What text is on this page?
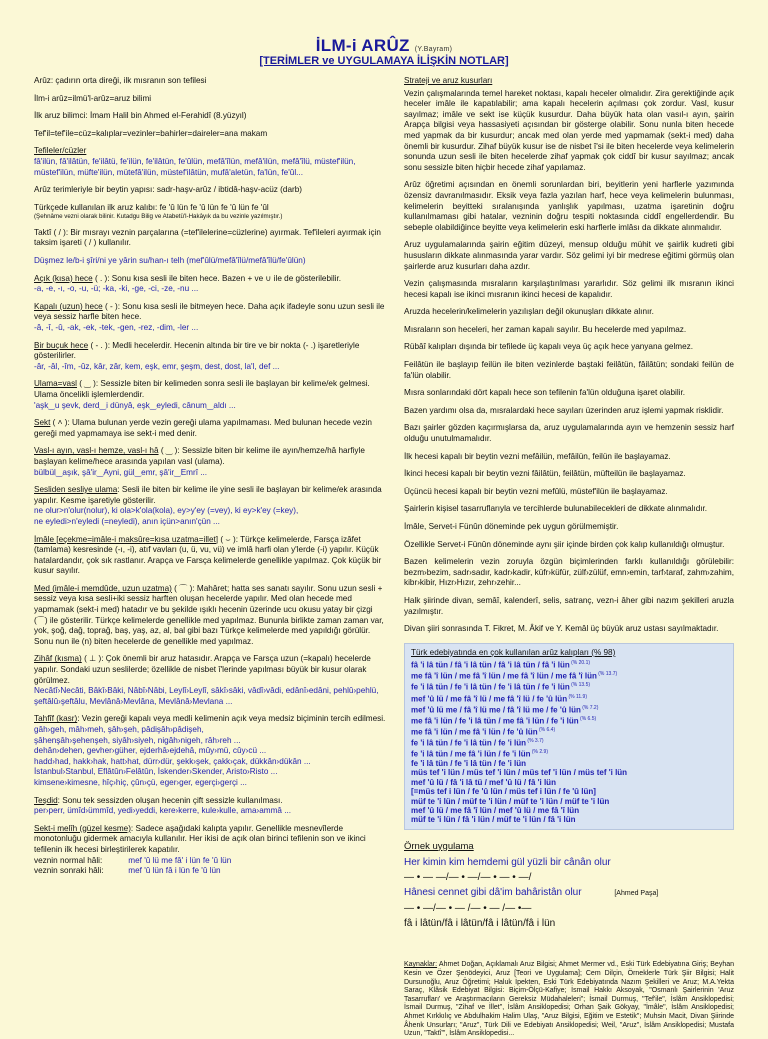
İLM-i ARÛZ (Y.Bayram)
[TERİMLER ve UYGULAMAYA İLİŞKİN NOTLAR]
Arûz: çadırın orta direği, ilk mısranın son tefilesi
İlm-i arûz=ilmü'l-arûz=aruz bilimi
İlk aruz bilimci: İmam Halil bin Ahmed el-Ferahidî (8.yüzyıl)
Tef'il=tef'ile=cüz=kalıplar=vezinler=bahirler=daireler=ana makam
Tefileler/cüzler
fâ'ilün, fâ'ilâtün, fe'ilâtü, fe'ilün, fe'ilâtün, fe'ûlün, mefâ'îlün, mefâ'ilün, mefâ'îlü, müstef'ilün, müstef'ilün, müfte'ilün, mütefâ'ilün, müstef'ilâtün, mufâ'aletün, fa'lün, fe'ûl...
Arûz terimleriyle bir beytin yapısı: sadr-haşv-arûz / ibtidâ-haşv-acüz (darb)
Türkçede kullanılan ilk aruz kalıbı: fe 'û lün fe 'û lün fe 'û lün fe 'ûl
(Şehnâme vezni olarak bilinir. Kutadgu Bilig ve Atabetü'l-Hakâyık da bu vezinle yazılmıştır.)
Taktî ( / ): Bir mısrayı veznin parçalarına (=tef'ilelerine=cüzlerine) ayırmak. Tef'ileleri ayırmak için taksim işareti ( / ) kullanılır.
Düşmez le/b-i şîri/ni ye yârin su/han-ı telh (mef'ûlü/mefâ'îlü/mefâ'îlü/fe'ûlün)
Açık (kısa) hece ( . ): Sonu kısa sesli ile biten hece. Bazen + ve ∪ ile de gösterilebilir.
-a, -e, -ı, -o, -u, -ü; -ka, -ki, -ge, -ci, -ze, -nu ...
Kapalı (uzun) hece ( - ): Sonu kısa sesli ile bitmeyen hece. Daha açık ifadeyle sonu uzun sesli ile veya sessiz harfle biten hece.
-â, -î, -û, -ak, -ek, -tek, -gen, -rez, -dim, -ler ...
Bir buçuk hece ( - . ): Medli hecelerdir. Hecenin altında bir tire ve bir nokta (- .) işaretleriyle gösterilirler.
-âr, -âl, -îm, -ûz, kâr, zâr, kem, eşk, emr, şeşm, dest, dost, la'l, def ...
Ulama=vasl ( ‿ ): Sessizle biten bir kelimeden sonra sesli ile başlayan bir kelime/ek gelmesi. Ulama öncelikli işlemlerdendir.
'aşk‿u şevk, derd‿i dünyâ, eşk‿eyledi, cânum‿aldı ...
Sekt ( ˄ ): Ulama bulunan yerde vezin gereği ulama yapılmaması. Med bulunan hecede vezin gereği med yapmamaya ise sekt-i med denir.
Vasl-ı ayın, vasl-ı hemze, vasl-ı hâ ( ‿ ): Sessizle biten bir kelime ile ayın/hemze/hâ harfiyle başlayan kelime/hece arasında yapılan vasl (ulama).
bülbül‿aşık, şâ'ir‿Ayni, gül‿emr, şâ'ir‿Emrî ...
Sesliden sesliye ulama: Sesli ile biten bir kelime ile yine sesli ile başlayan bir kelime/ek arasında yapılır. Kesme işaretiyle gösterilir.
ne olur>n'olur(nolur), ki ola>k'ola(kola), ey>y'ey (=vey), ki ey>k'ey (=key),
ne eyledi>n'eyledi (=neyledi), anın içün>anın'çün ...
İmâle [eçekme=imâle-i maksûre=kısa uzatma=illet] ( ⌣ ): Türkçe kelimelerde, Farsça izâfet (tamlama) kesresinde (-ı, -i), atıf vavları (u, ü, vu, vü) ve imlâ harfi olan y'lerde (-i) yapılır. Küçük hatalardandır, çok sık rastlanır. Arapça ve Farsça kelimelerde genellikle yapılmaz. Çok küçük bir kusur sayılır.
Med (imâle-i memdûde, uzun uzatma) ( ⌒ ): Mahâret; hatta ses sanatı sayılır. Sonu uzun sesli + sessiz veya kısa sesli+iki sessiz harften oluşan hecelerde yapılır. Med olan hecede med yapmamak (sekt-i med) hatadır ve bu şekilde ışıklı hecenin üzerinde ucu okusu yatay bir çizgi (⌒) ile gösterilir. Türkçe kelimelerde genellikle med yapılmaz. Bununla birlikte zaman zaman var, yok, şoğ, dağ, toprağ, baş, yaş, az, al, bal gibi bazı Türkçe kelimelerde med yapıldığı görülür. Sonu nun ile (n) biten hecelerde de genellikle med yapılmaz.
Zihâf (kısma) ( ⊥ ): Çok önemli bir aruz hatasıdır. Arapça ve Farsça uzun (=kapalı) hecelerde yapılır. Sondaki uzun seslilerde; özellikle de nisbet î'lerinde yapılması büyük bir kusur olarak görülmez.
Necâtî›Necâti, Bâkî›Bâki, Nâbî›Nâbi, Leylî›Leylî, sâkî›sâki, vâdî›vâdi, edânî›edâni, pehlû›pehlü, şeftâlû›şeftâlu, Mevlânâ›Mevlâna, Mevlânâ›Mevlana ...
Tahfîf (kasr): Vezin gereği kapalı veya medli kelimenin açık veya medsiz biçiminin tercih edilmesi.
gâh›geh, mâh›meh, şâh›şeh, pâdişâh›pâdişeh,
şâhenşâh›şehenşeh, siyâh›siyeh, nigâh›nigeh, râh›reh ...
dehân›dehen, gevher›güher, ejderhâ›ejdehâ, mûy›mü, cûy›cü ...
hadd›had, hakk›hak, hatt›hat, dürr›dür, şekk›şek, çakk›çak, dükkân›dükân ...
İstanbul›Stanbul, Eflâtûn›Felâtûn, İskender›Skender, Aristo›Risto ...
kimsene›kimesne, hîç›hiç, çûn›çü, eger›ger, egerçi›gerçi ...
Teşdid: Sonu tek sessizden oluşan hecenin çift sessizle kullanılması.
per›perr, ümîd›ümmîd, yedi›yeddi, kere›kerre, kule›kulle, ama›ammâ ...
Sekt-i melîh (güzel kesme): Sadece aşağıdaki kalıpta yapılır. Genellikle mesnevîlerde monotonluğu gidermek amacıyla kullanılır. Her ikisi de açık olan birinci tefilenin son ve ikinci tefilenin ilk hecesi birleştirilerek kapatılır.
veznin normal hâli:	mef 'û lü me fâ' i lün fe 'û lün
veznin sonraki hâli:	mef 'û lün fâ i lün fe 'û lün
Strateji ve aruz kusurları
Vezin çalışmalarında temel hareket noktası, kapalı heceler olmalıdır. Zira gerektiğinde açık heceler imâle ile kapatılabilir; ama kapalı hecelerin açılması çok zordur. Vasl, kusur sayılmaz; imâle ve sekt ise küçük kusurdur. Daha büyük hata olan vasıl-ı ayın, şairin Arapça bilgisi veya hassasiyeti açısından bir gösterge olabilir. Sonu nunla biten hecede med yapmak da bir kusurdur; ancak med olan yerde med yapmamak (sekt-i med) daha önemli bir kusurdur. Zihaf büyük kusur ise de nisbet î'si ile biten hecelerde veya kelimelerin sonunda uzun sesli ile biten hecelerde zihaf yapmak çok ciddî bir kusur sayılmaz; ancak sonu sessizle biten hiçbir hecede zihaf yapılamaz.
Arûz öğretimi açısından en önemli sorunlardan biri, beyitlerin yeni harflerle yazımında özensiz davranılmasıdır. Eksik veya fazla yazılan harf, hece veya kelimelerin bulunması, kelimelerin beyitteki sıralanışında yanlışlık yapılması, uzatma işaretinin doğru kullanılmaması gibi hatalar, vezninin doğru tespiti noktasında ciddî engellerdendir. Bu sebeple olabildiğince beyitte veya kelimelerin eski harflerle imlâsı da dikkate alınmalıdır.
Aruz uygulamalarında şairin eğitim düzeyi, mensup olduğu mühit ve şairlik kudreti gibi hususların dikkate alınmasında yarar vardır. Söz gelimi iyi bir medrese eğitimi görmüş olan şairlerde aruz kusurları daha azdır.
Vezin çalışmasında mısraların karşılaştırılması yararlıdır. Söz gelimi ilk mısranın ikinci hecesi kapalı ise ikinci mısranın ikinci hecesi de kapalıdır.
Aruzda hecelerin/kelimelerin yazılışları değil okunuşları dikkate alınır.
Mısraların son heceleri, her zaman kapalı sayılır. Bu hecelerde med yapılmaz.
Rübâî kalıpları dışında bir tefilede üç kapalı veya üç açık hece yanyana gelmez.
Feilâtün ile başlayıp feilün ile biten vezinlerde baştaki feilâtün, fâilâtün; sondaki feilün de fa'lün olabilir.
Mısra sonlarındaki dört kapalı hece son tefilenin fa'lün olduğuna işaret olabilir.
Bazen yardımı olsa da, mısralardaki hece sayıları üzerinden aruz işlemi yapmak risklidir.
Bazı şairler gözden kaçırmışlarsa da, aruz uygulamalarında ayın ve hemzenin sessiz harf olduğu unutulmamalıdır.
İlk hecesi kapalı bir beytin vezni mefâilün, mefâilün, feilün ile başlayamaz.
İkinci hecesi kapalı bir beytin vezni fâilâtün, feilâtün, müfteilün ile başlayamaz.
Üçüncü hecesi kapalı bir beytin vezni mefûlü, müstef'ilün ile başlayamaz.
Şairlerin kişisel tasarruflarıyla ve tercihlerde bulunabilecekleri de dikkate alınmalıdır.
İmâle, Servet-i Fünûn döneminde pek uygun görülmemiştir.
Özellikle Servet-i Fünûn döneminde aynı şiir içinde birden çok kalıp kullanıldığı olmuştur.
Bazen kelimelerin vezin zoruyla özgün biçimlerinden farklı kullanıldığı görülebilir: bezm›bezim, sadr›sadır, kadr›kadir, küfr›küfür, zülf›zülüf, emn›emin, tarf›taraf, zahm›zahim, kibr›kibir, Hızr›Hızır, zehr›zehir...
Halk şiirinde divan, semâî, kalenderî, selis, satranç, vezn-i âher gibi nazım şekilleri aruzla yazılmıştır.
Divan şiiri sonrasında T. Fikret, M. Âkif ve Y. Kemâl üç büyük aruz ustası sayılmaktadır.
Türk edebiyatında en çok kullanılan arûz kalıpları (% 98)
fâ 'i lâ tün / fâ 'i lâ tün / fâ 'i lâ tün / fâ 'i lün $^{(\% 20.1)}$
me fâ 'î lün / me fâ 'î lün / me fâ 'î lün / me fâ 'î lün $^{(\% 13.7)}$
fe 'i lâ tün / fe 'i lâ tün / fe 'i lâ tün / fe 'i lün $^{(\% 13.5)}$
mef 'û lü / me fâ 'î lü / me fâ 'î lü / fe 'û lün $^{(\% 11.9)}$
mef 'û lü me / fâ 'î lü me / fâ 'î lü me / fe 'û lün $^{(\% 7.2)}$
me fâ 'i lün / fe 'i lâ tün / me fâ 'i lün / fe 'i lün $^{(\% 6.5)}$
me fâ 'i lün / me fâ 'i lün / fe 'û lün $^{(\% 6.4)}$
fe 'i lâ tün / fe 'i lâ tün / fe 'i lün $^{(\% 3.7)}$
fe 'i lâ tün / me fâ 'i lün / fe 'i lün $^{(\% 2.9)}$
fe 'i lâ tün / fe 'i lâ tün / fe 'i lün
müs tef 'i lün / müs tef 'i lün / müs tef 'i lün / müs tef 'i lün
mef 'û lü / fâ 'i lâ tü / mef 'û lü / fâ 'i lün
[=müs tef i lün / fe 'û lün / müs tef i lün / fe 'û lün]
müf te 'i lün / müf te 'i lün / müf te 'i lün / müf te 'i lün
mef 'û lü / me fâ 'î lün / mef 'û lü / me fâ 'î lün
müf te 'i lün / fâ 'i lün / müf te 'i lün / fâ 'i lün
Örnek uygulama
Her kimin kim hemdemi gül yüzli bir cânân olur
— • — —/— • —/— • — • —/
Hânesi cennet gibi dâ'im bahâristân olur	[Ahmed Paşa]
— • —/— • — /— • — /— •—
fâ i lâtün/fâ i lâtün/fâ i lâtün/fâ i lün
Kaynaklar: Ahmet Doğan, Açıklamalı Aruz Bilgisi; Ahmet Mermer vd., Eski Türk Edebiyatına Giriş; Beyhan Kesin ve Özer Şenödeyici, Aruz [Teori ve Uygulama]; Cem Dilçin, Örneklerle Türk Şiir Bilgisi; Halit Dursunoğlu, Aruz Öğretimi; Haluk İpekten, Eski Türk Edebiyatında Nazım Şekilleri ve Aruz; M.A.Yekta Saraç, Klâsik Edebiyat Bilgisi: Biçim-Ölçü-Kafiye; İsmail Hakkı Aksoyak, "Osmanlı Şairlerinin 'Aruz Tasarrufları' ve Araştırmacıların Gereksiz Müdahaleleri"; İsmail Durmuş, "Tef'ile", İslâm Ansiklopedisi; İsmail Durmuş, "Zihaf ve İllet", İslâm Ansiklopedisi; Orhan Şaik Gökyay, "İmâle", İslâm Ansiklopedisi; Ahmet Kırkkılıç ve Abdulhakim Halim Ulaş, "Aruz Bilgisi, Eğitim ve Estetik"; Muhsin Macit, Divan Şiirinde Âhenk Unsurları; "Aruz", Türk Dili ve Edebiyatı Ansiklopedisi; Weil, "Aruz", İslâm Ansiklopedisi; Mustafa Uzun, "Taktî'", İslâm Ansiklopedisi...
